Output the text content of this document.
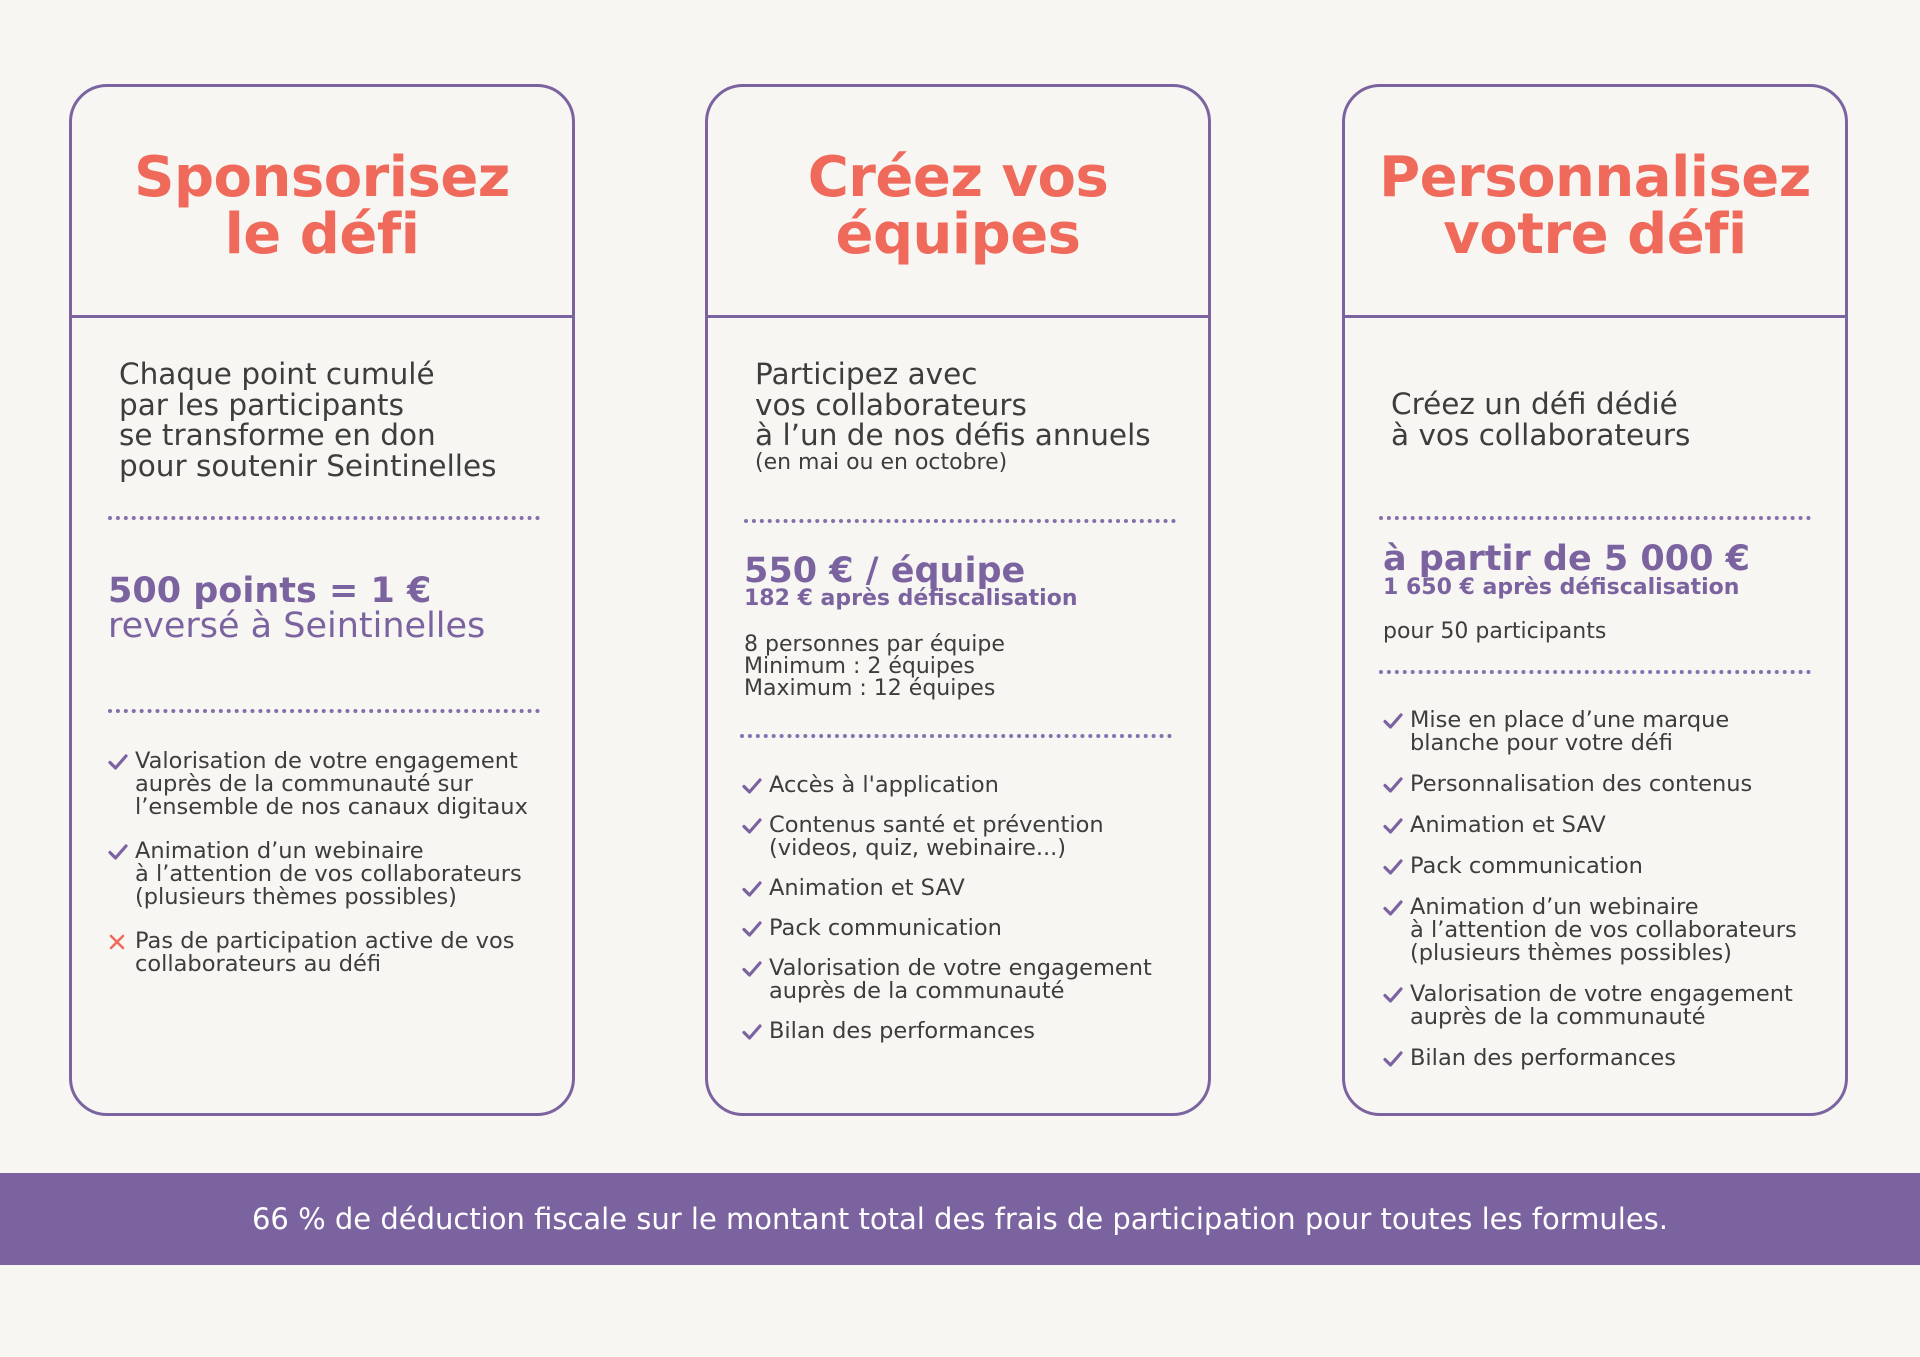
Sponsorisez
le défi
Chaque point cumulé
par les participants
se transforme en don
pour soutenir Seintinelles
500 points = 1 €
reversé à Seintinelles
Valorisation de votre engagement
auprès de la communauté sur
l’ensemble de nos canaux digitaux
Animation d’un webinaire
à l’attention de vos collaborateurs
(plusieurs thèmes possibles)
Pas de participation active de vos
collaborateurs au défi
Créez vos
équipes
Participez avec
vos collaborateurs
à l’un de nos défis annuels
(en mai ou en octobre)
550 € / équipe
182 € après défiscalisation
8 personnes par équipe
Minimum : 2 équipes
Maximum : 12 équipes
Accès à l'application
Contenus santé et prévention
(videos, quiz, webinaire...)
Animation et SAV
Pack communication
Valorisation de votre engagement
auprès de la communauté
Bilan des performances
Personnalisez
votre défi
Créez un défi dédié
à vos collaborateurs
à partir de 5 000 €
1 650 € après défiscalisation
pour 50 participants
Mise en place d’une marque
blanche pour votre défi
Personnalisation des contenus
Animation et SAV
Pack communication
Animation d’un webinaire
à l’attention de vos collaborateurs
(plusieurs thèmes possibles)
Valorisation de votre engagement
auprès de la communauté
Bilan des performances
66 % de déduction fiscale sur le montant total des frais de participation pour toutes les formules.
